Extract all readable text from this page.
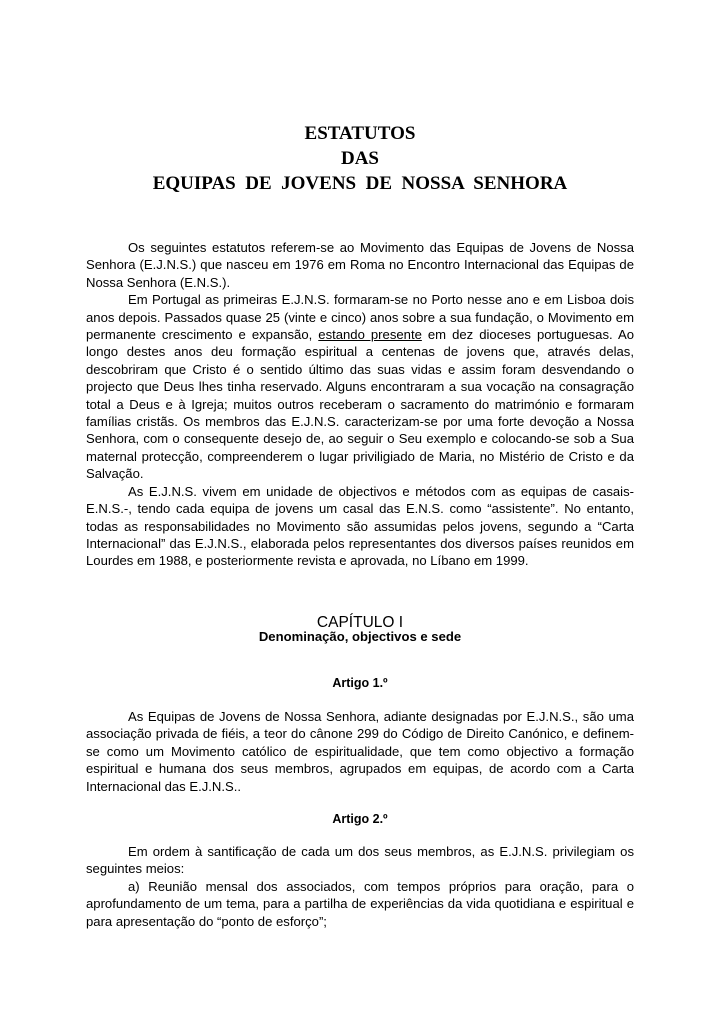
ESTATUTOS
DAS
EQUIPAS  DE  JOVENS  DE  NOSSA  SENHORA

Os seguintes estatutos referem-se ao Movimento das Equipas de Jovens de Nossa Senhora (E.J.N.S.) que nasceu em 1976 em Roma no Encontro Internacional das Equipas de Nossa Senhora (E.N.S.).

Em Portugal as primeiras E.J.N.S. formaram-se no Porto nesse ano e em Lisboa dois anos depois. Passados quase 25 (vinte e cinco) anos sobre a sua fundação, o Movimento em permanente crescimento e expansão, estando presente em dez dioceses portuguesas. Ao longo destes anos deu formação espiritual a centenas de jovens que, através delas, descobriram que Cristo é o sentido último das suas vidas e assim foram desvendando o projecto que Deus lhes tinha reservado. Alguns encontraram a sua vocação na consagração total a Deus e à Igreja; muitos outros receberam o sacramento do matrimónio e formaram famílias cristãs. Os membros das E.J.N.S. caracterizam-se por uma forte devoção a Nossa Senhora, com o consequente desejo de, ao seguir o Seu exemplo e colocando-se sob a Sua maternal protecção, compreenderem o lugar priviligiado de Maria, no Mistério de Cristo e da Salvação.

As E.J.N.S. vivem em unidade de objectivos e métodos com as equipas de casais-E.N.S.-, tendo cada equipa de jovens um casal das E.N.S. como “assistente”. No entanto, todas as responsabilidades no Movimento são assumidas pelos jovens, segundo a “Carta Internacional” das E.J.N.S., elaborada pelos representantes dos diversos países reunidos em Lourdes em 1988, e posteriormente revista e aprovada, no Líbano em 1999.

CAPÍTULO I
Denominação, objectivos e sede
Artigo 1.º

As Equipas de Jovens de Nossa Senhora, adiante designadas por E.J.N.S., são uma associação privada de fiéis, a teor do cânone 299 do Código de Direito Canónico, e definem-se como um Movimento católico de espiritualidade, que tem como objectivo a formação espiritual e humana dos seus membros, agrupados em equipas, de acordo com a Carta Internacional das E.J.N.S..

Artigo 2.º

Em ordem à santificação de cada um dos seus membros, as E.J.N.S. privilegiam os seguintes meios:

a) Reunião mensal dos associados, com tempos próprios para oração, para o aprofundamento de um tema, para a partilha de experiências da vida quotidiana e espiritual e para apresentação do “ponto de esforço”;
